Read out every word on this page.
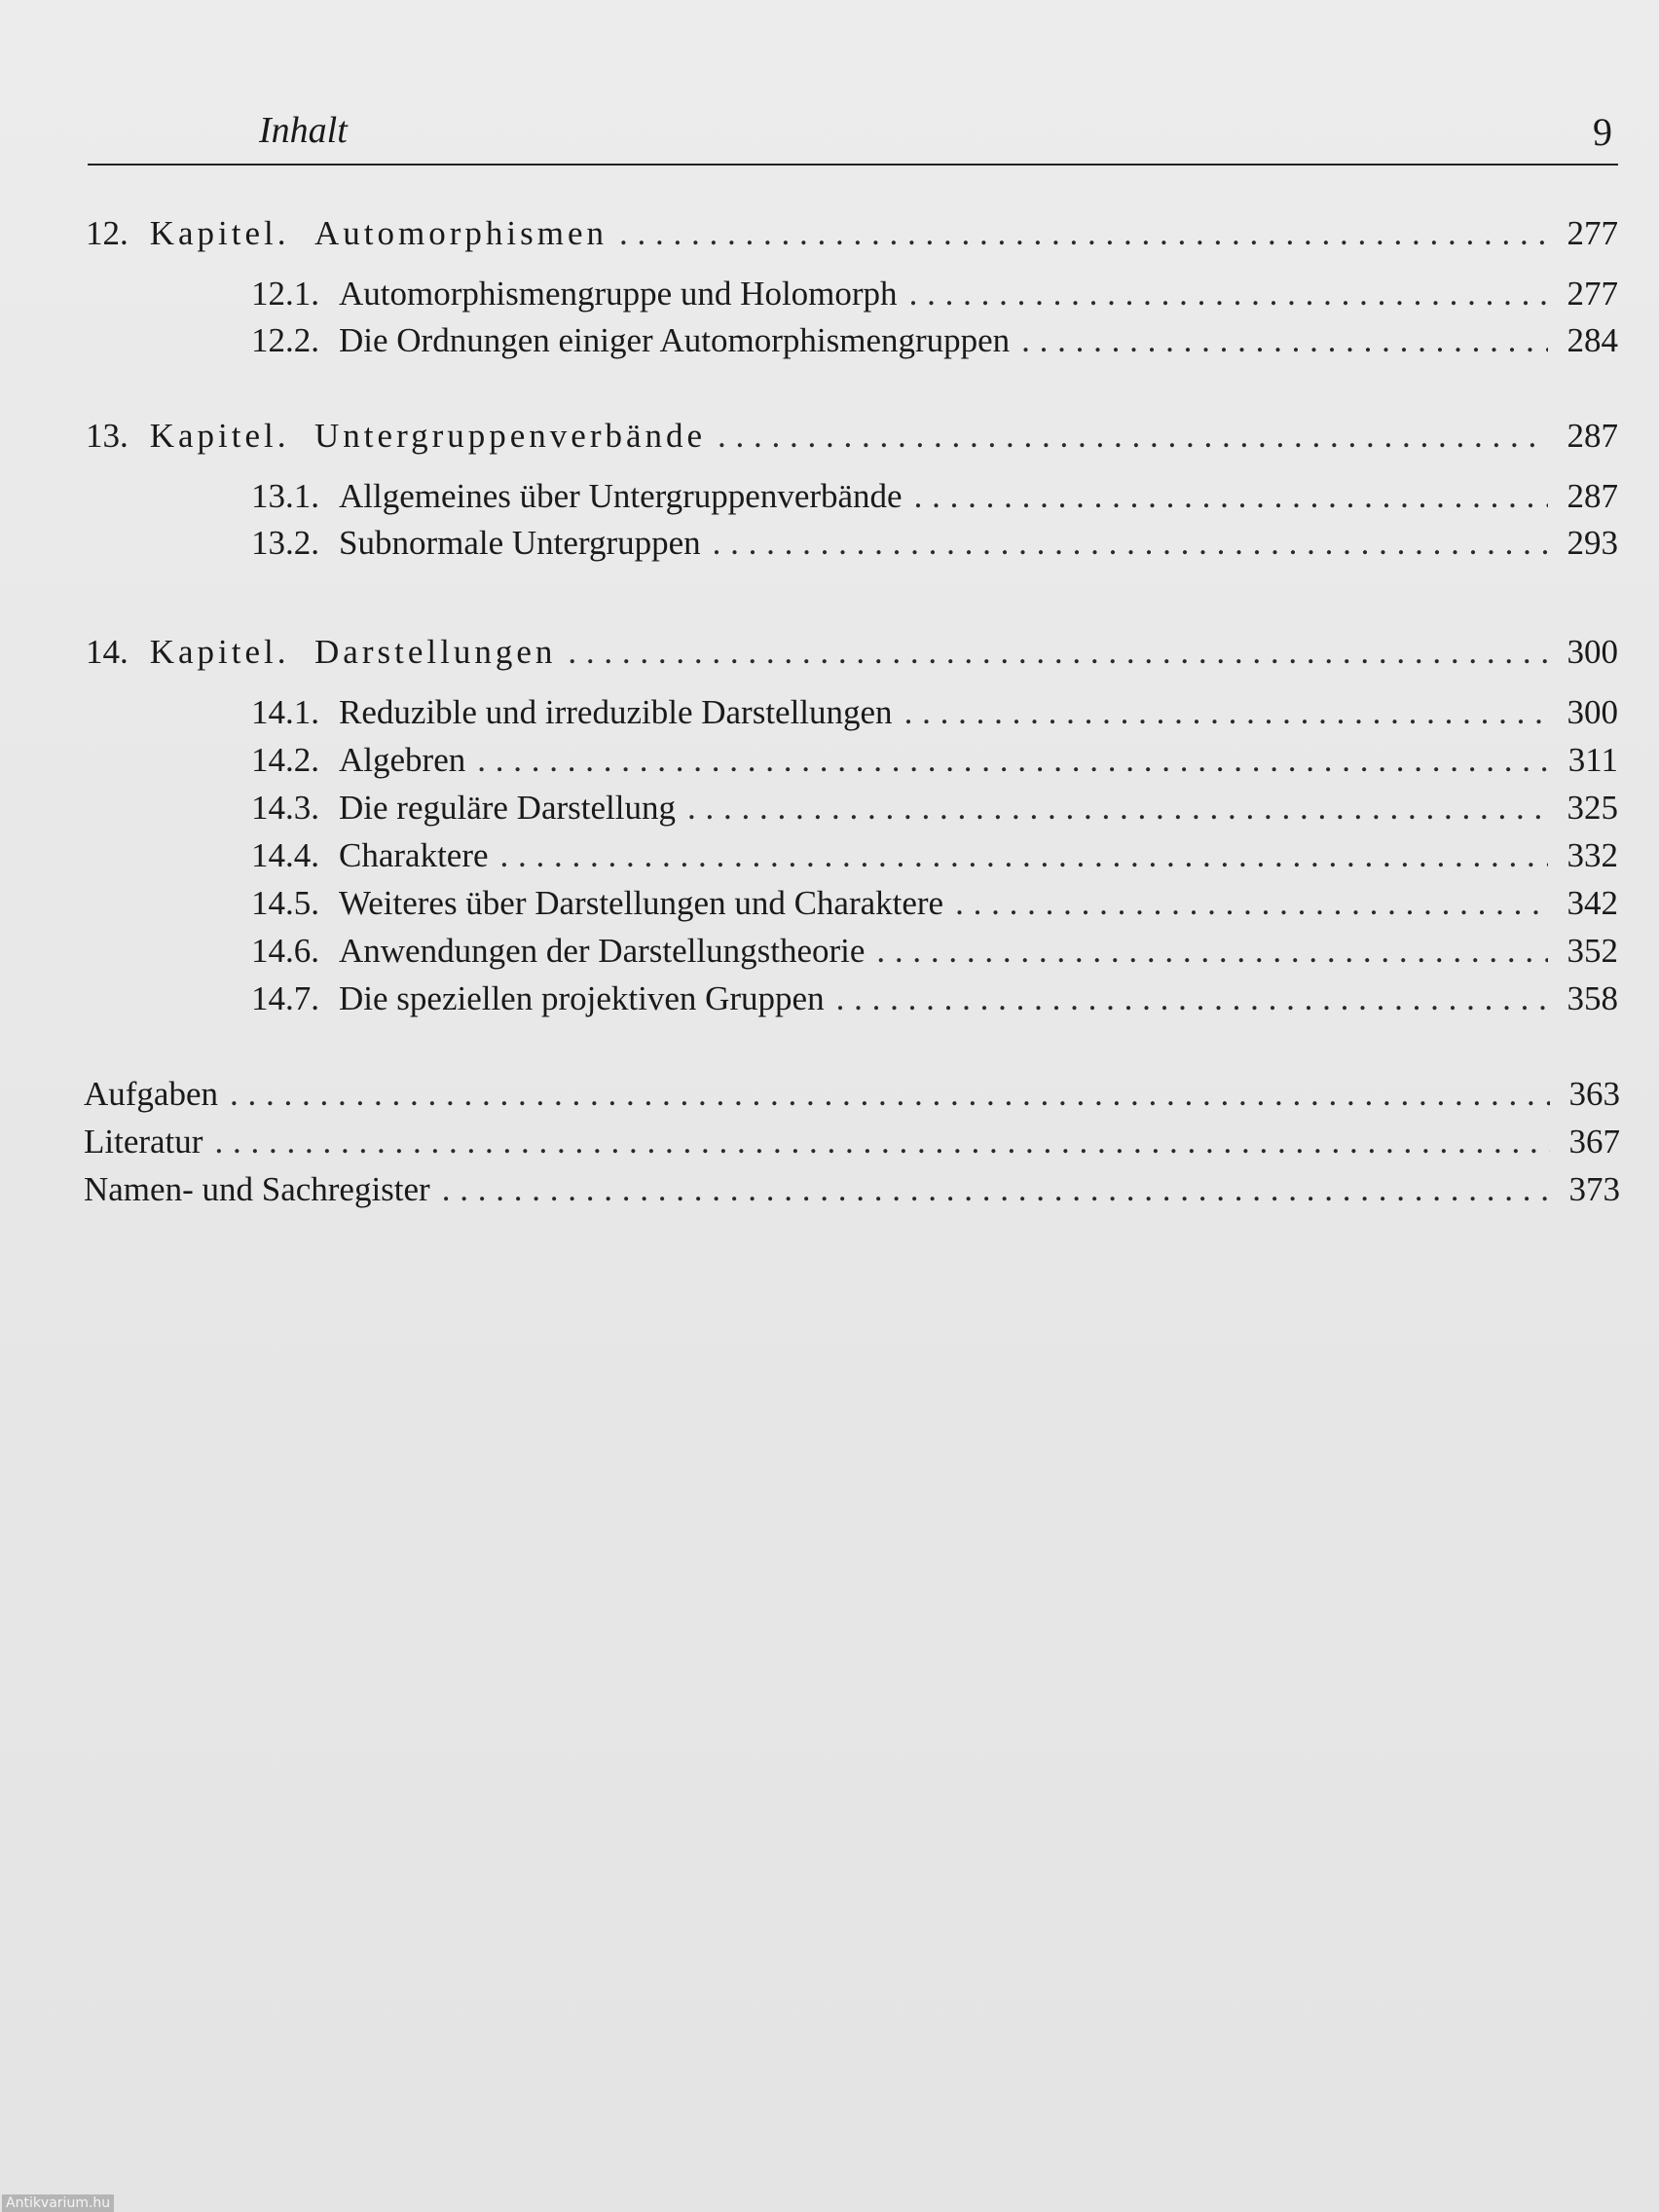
Inhalt	9
12. Kapitel. Automorphismen . . .	277
12.1. Automorphismengruppe und Holomorph . . .	277
12.2. Die Ordnungen einiger Automorphismengruppen . . .	284
13. Kapitel. Untergruppenverbände . . .	287
13.1. Allgemeines über Untergruppenverbände . . .	287
13.2. Subnormale Untergruppen . . .	293
14. Kapitel. Darstellungen . . .	300
14.1. Reduzible und irreduzible Darstellungen . . .	300
14.2. Algebren . . .	311
14.3. Die reguläre Darstellung . . .	325
14.4. Charaktere . . .	332
14.5. Weiteres über Darstellungen und Charaktere . . .	342
14.6. Anwendungen der Darstellungstheorie . . .	352
14.7. Die speziellen projektiven Gruppen . . .	358
Aufgaben . . .	363
Literatur . . .	367
Namen- und Sachregister . . .	373
Antikvarium.hu
